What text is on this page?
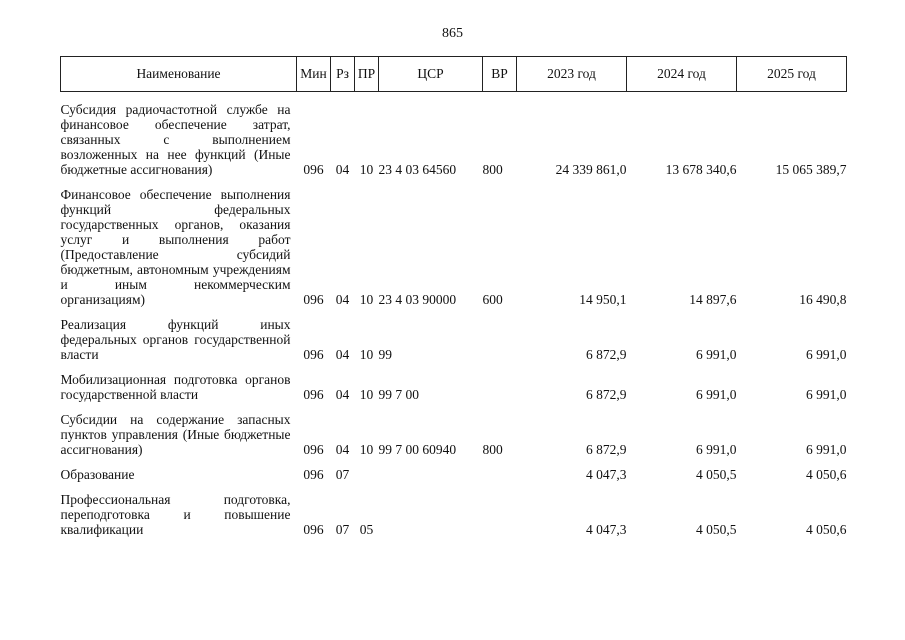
865
Наименование	Мин	Рз	ПР	ЦСР	ВР	2023 год	2024 год	2025 год

Субсидия радиочастотной службе на финансовое обеспечение затрат, связанных с выполнением возложенных на нее функций (Иные бюджетные ассигнования)	096	04	10	23 4 03 64560	800	24 339 861,0	13 678 340,6	15 065 389,7

Финансовое обеспечение выполнения функций федеральных государственных органов, оказания услуг и выполнения работ (Предоставление субсидий бюджетным, автономным учреждениям и иным некоммерческим организациям)	096	04	10	23 4 03 90000	600	14 950,1	14 897,6	16 490,8

Реализация функций иных федеральных органов государственной власти	096	04	10	99		6 872,9	6 991,0	6 991,0

Мобилизационная подготовка органов государственной власти	096	04	10	99 7 00		6 872,9	6 991,0	6 991,0

Субсидии на содержание запасных пунктов управления (Иные бюджетные ассигнования)	096	04	10	99 7 00 60940	800	6 872,9	6 991,0	6 991,0

Образование	096	07				4 047,3	4 050,5	4 050,6

Профессиональная подготовка, переподготовка и повышение квалификации	096	07	05			4 047,3	4 050,5	4 050,6
